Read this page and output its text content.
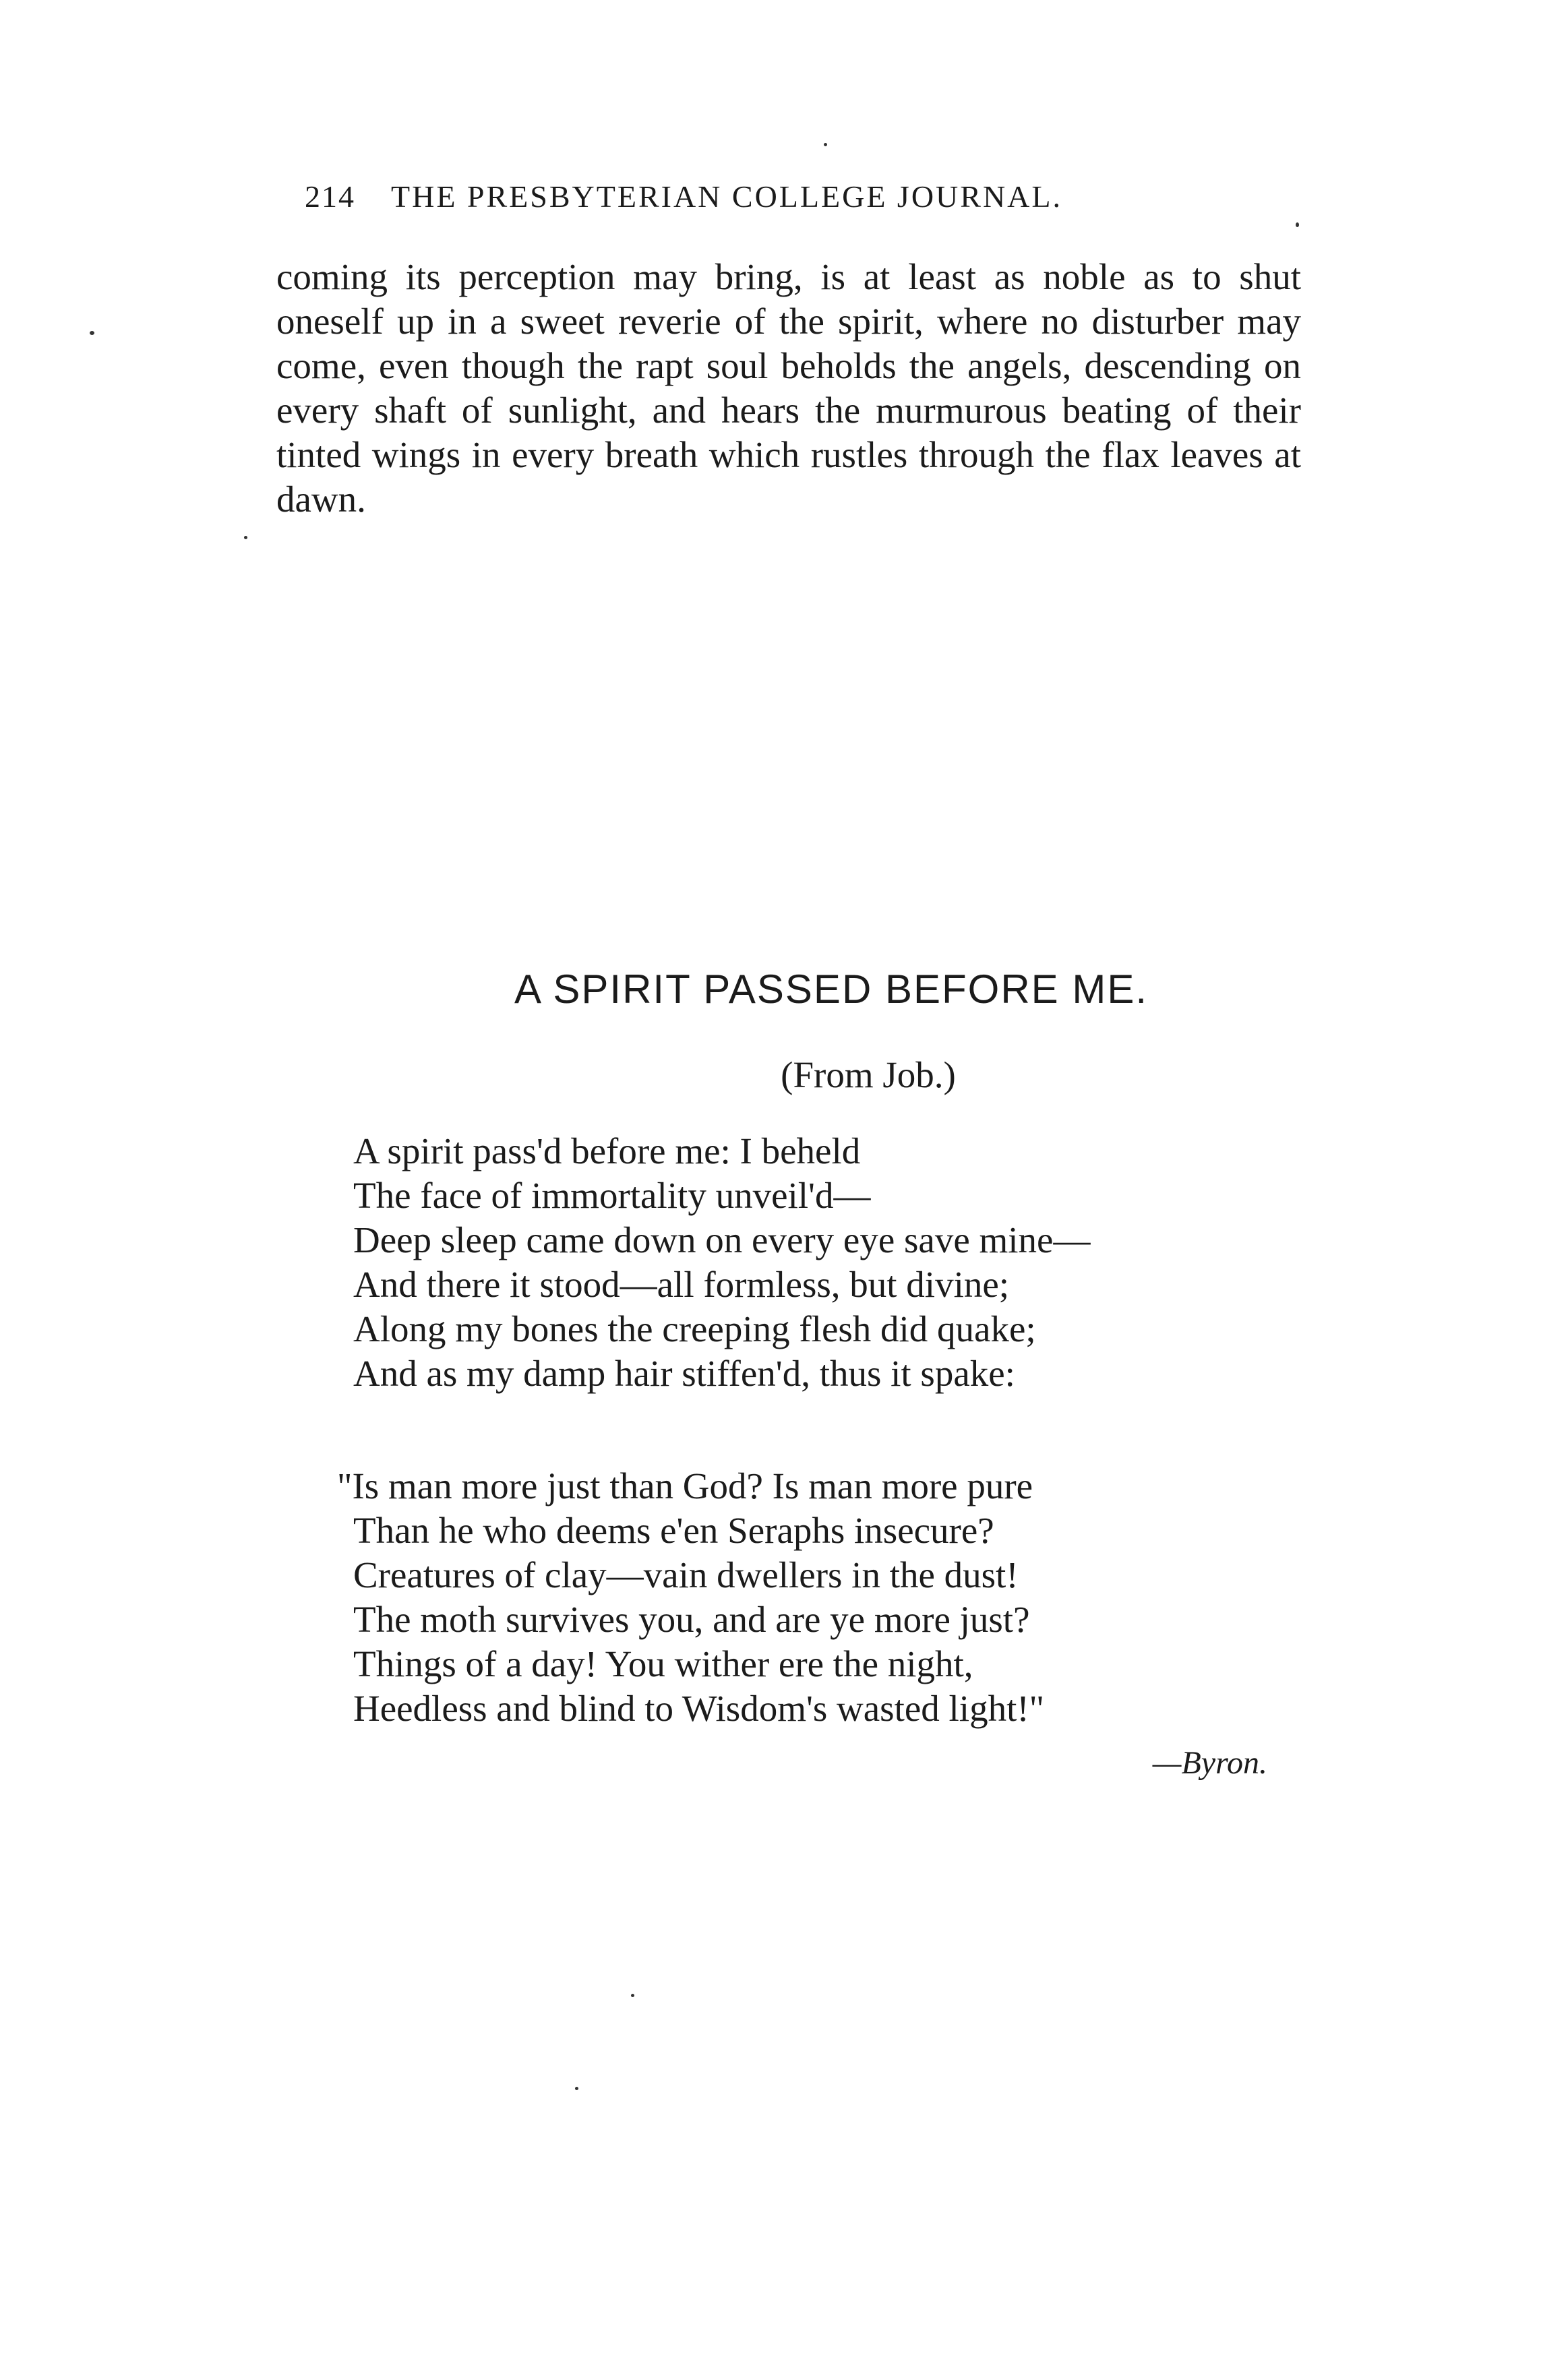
214 THE PRESBYTERIAN COLLEGE JOURNAL.

coming its perception may bring, is at least as noble as to shut oneself up in a sweet reverie of the spirit, where no disturber may come, even though the rapt soul beholds the angels, descending on every shaft of sunlight, and hears the murmurous beating of their tinted wings in every breath which rustles through the flax leaves at dawn.

A SPIRIT PASSED BEFORE ME.
(From Job.)
A spirit pass'd before me: I beheld
The face of immortality unveil'd—
Deep sleep came down on every eye save mine—
And there it stood—all formless, but divine;
Along my bones the creeping flesh did quake;
And as my damp hair stiffen'd, thus it spake:
"Is man more just than God? Is man more pure
Than he who deems e'en Seraphs insecure?
Creatures of clay—vain dwellers in the dust!
The moth survives you, and are ye more just?
Things of a day! You wither ere the night,
Heedless and blind to Wisdom's wasted light!"
—Byron.
